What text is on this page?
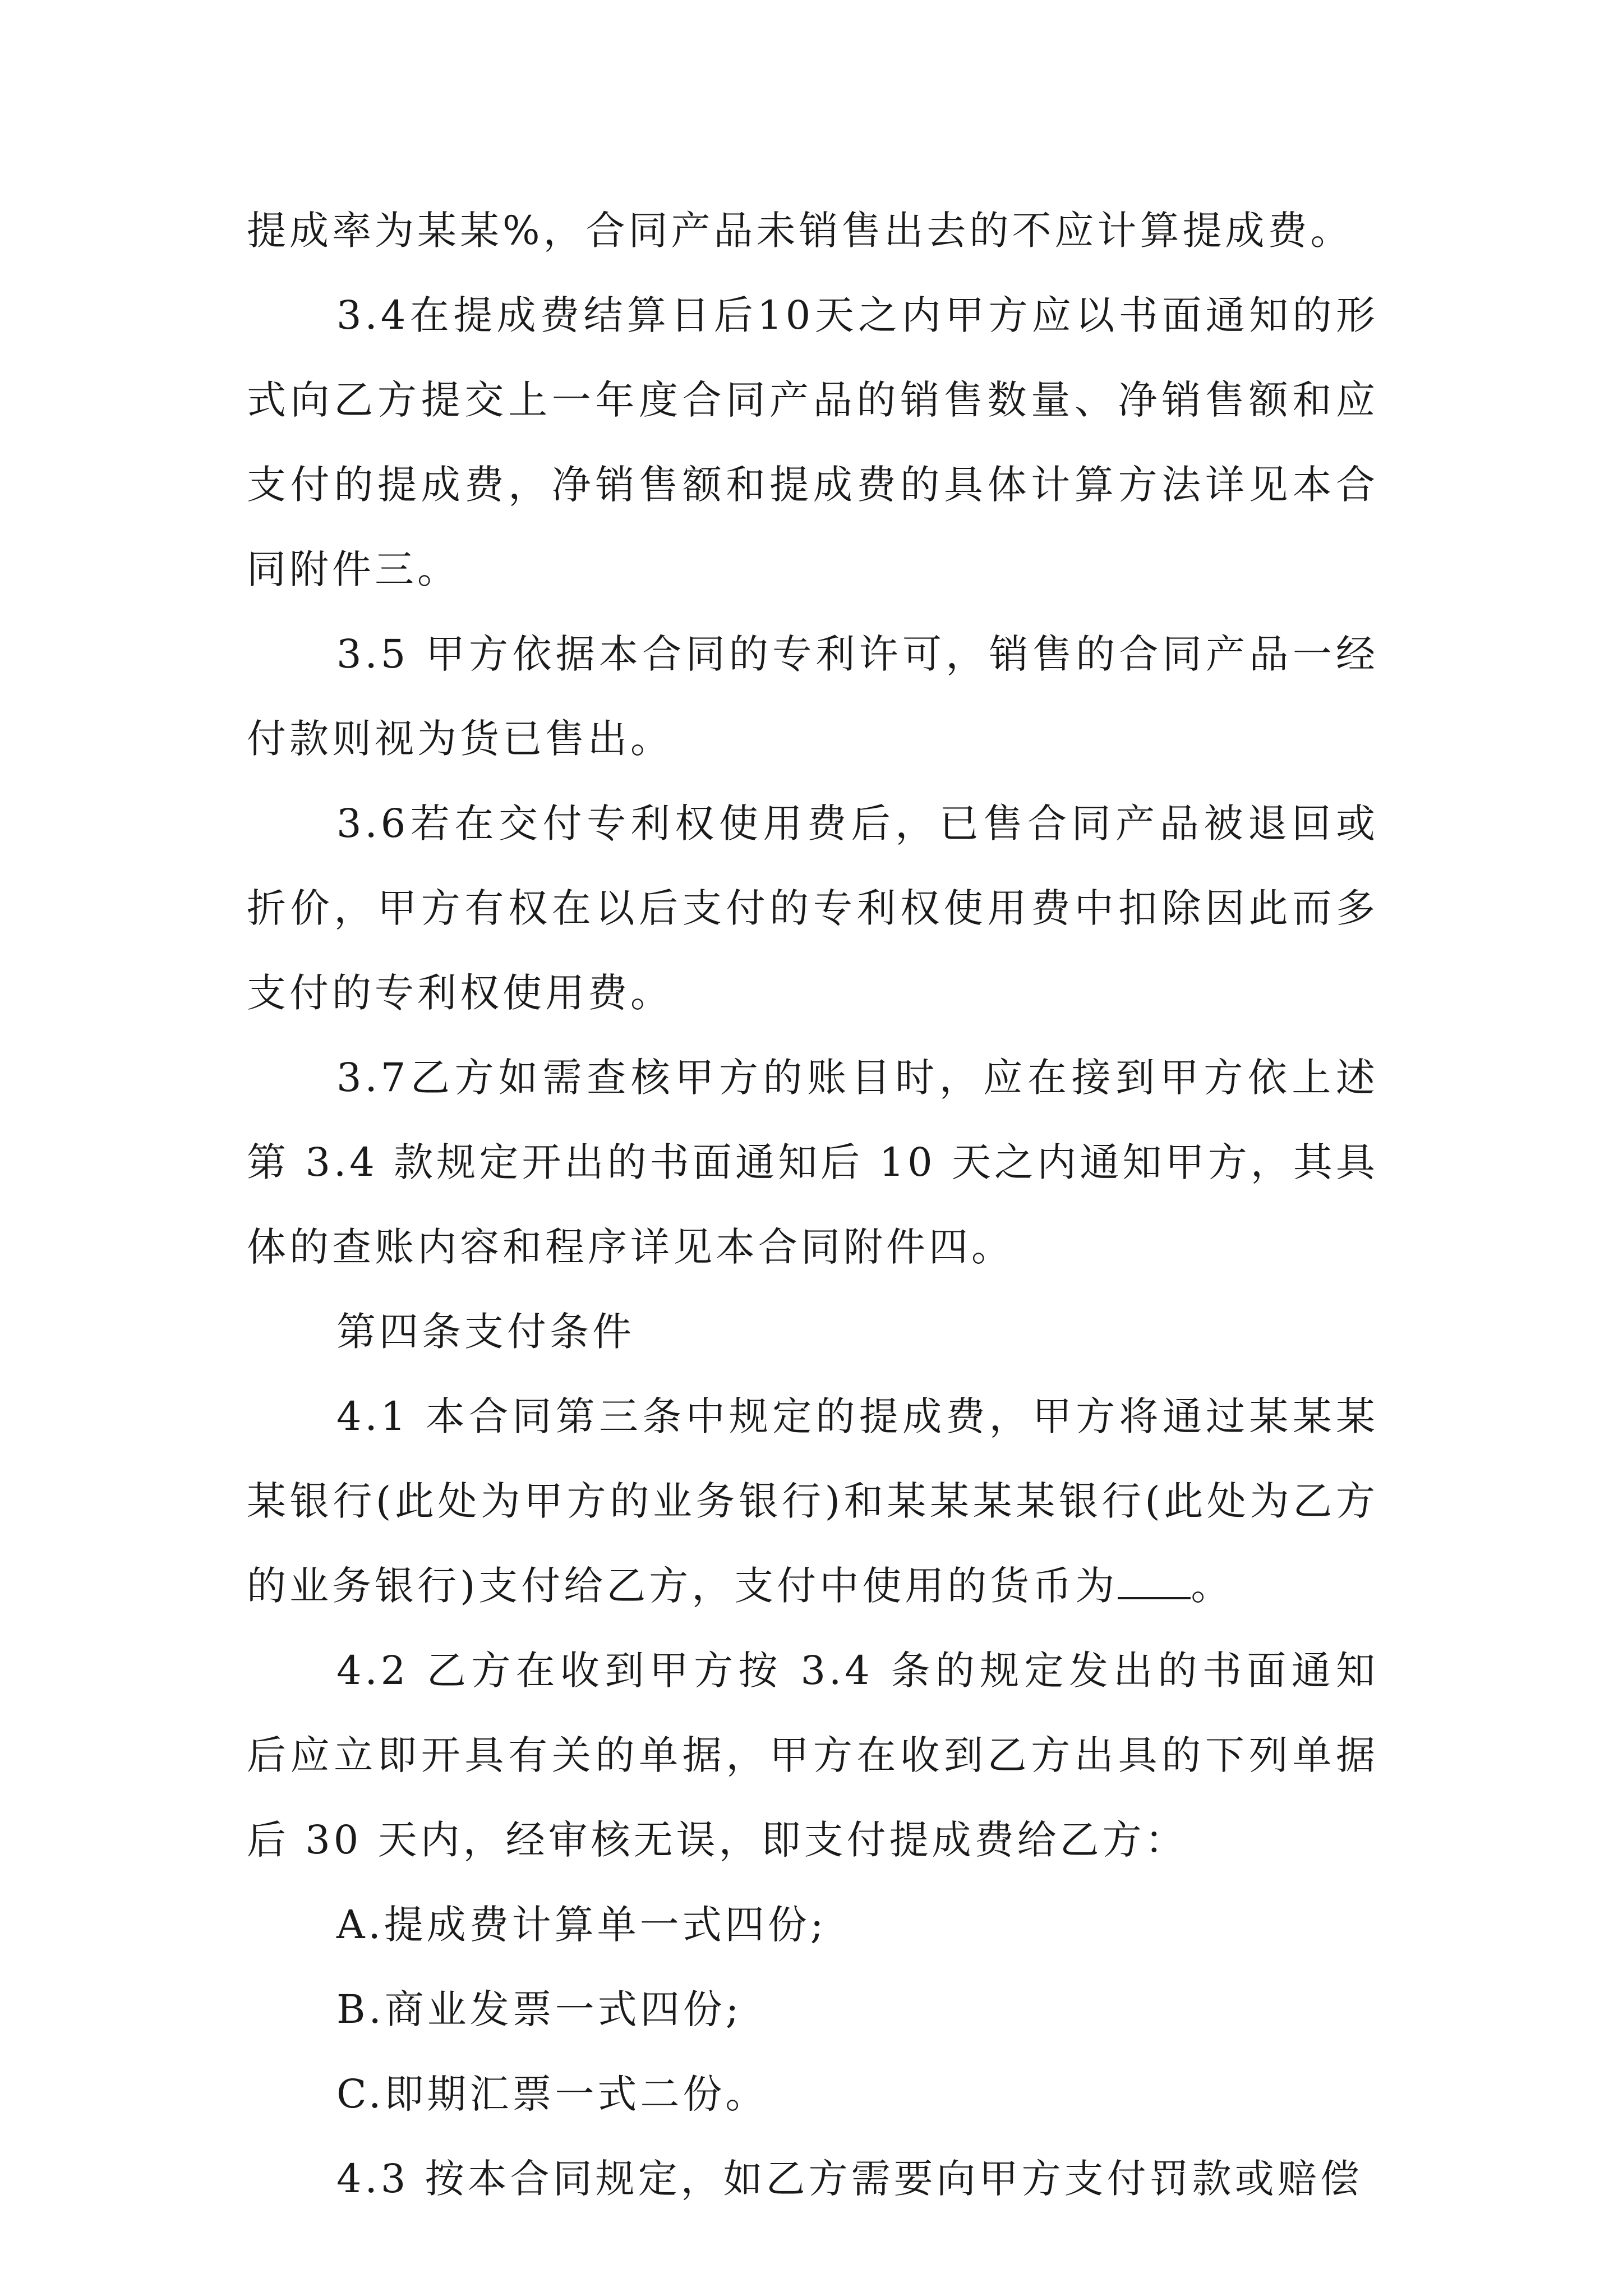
提成率为某某%，合同产品未销售出去的不应计算提成费。

3.4在提成费结算日后10天之内甲方应以书面通知的形式向乙方提交上一年度合同产品的销售数量、净销售额和应支付的提成费，净销售额和提成费的具体计算方法详见本合同附件三。

3.5 甲方依据本合同的专利许可，销售的合同产品一经付款则视为货已售出。

3.6若在交付专利权使用费后，已售合同产品被退回或折价，甲方有权在以后支付的专利权使用费中扣除因此而多支付的专利权使用费。

3.7乙方如需查核甲方的账目时，应在接到甲方依上述第 3.4 款规定开出的书面通知后 10 天之内通知甲方，其具体的查账内容和程序详见本合同附件四。

第四条支付条件

4.1 本合同第三条中规定的提成费，甲方将通过某某某某银行(此处为甲方的业务银行)和某某某某银行(此处为乙方的业务银行)支付给乙方，支付中使用的货币为 。

4.2 乙方在收到甲方按 3.4 条的规定发出的书面通知后应立即开具有关的单据，甲方在收到乙方出具的下列单据后 30 天内，经审核无误，即支付提成费给乙方：

A.提成费计算单一式四份;

B.商业发票一式四份;

C.即期汇票一式二份。

4.3 按本合同规定，如乙方需要向甲方支付罚款或赔偿
